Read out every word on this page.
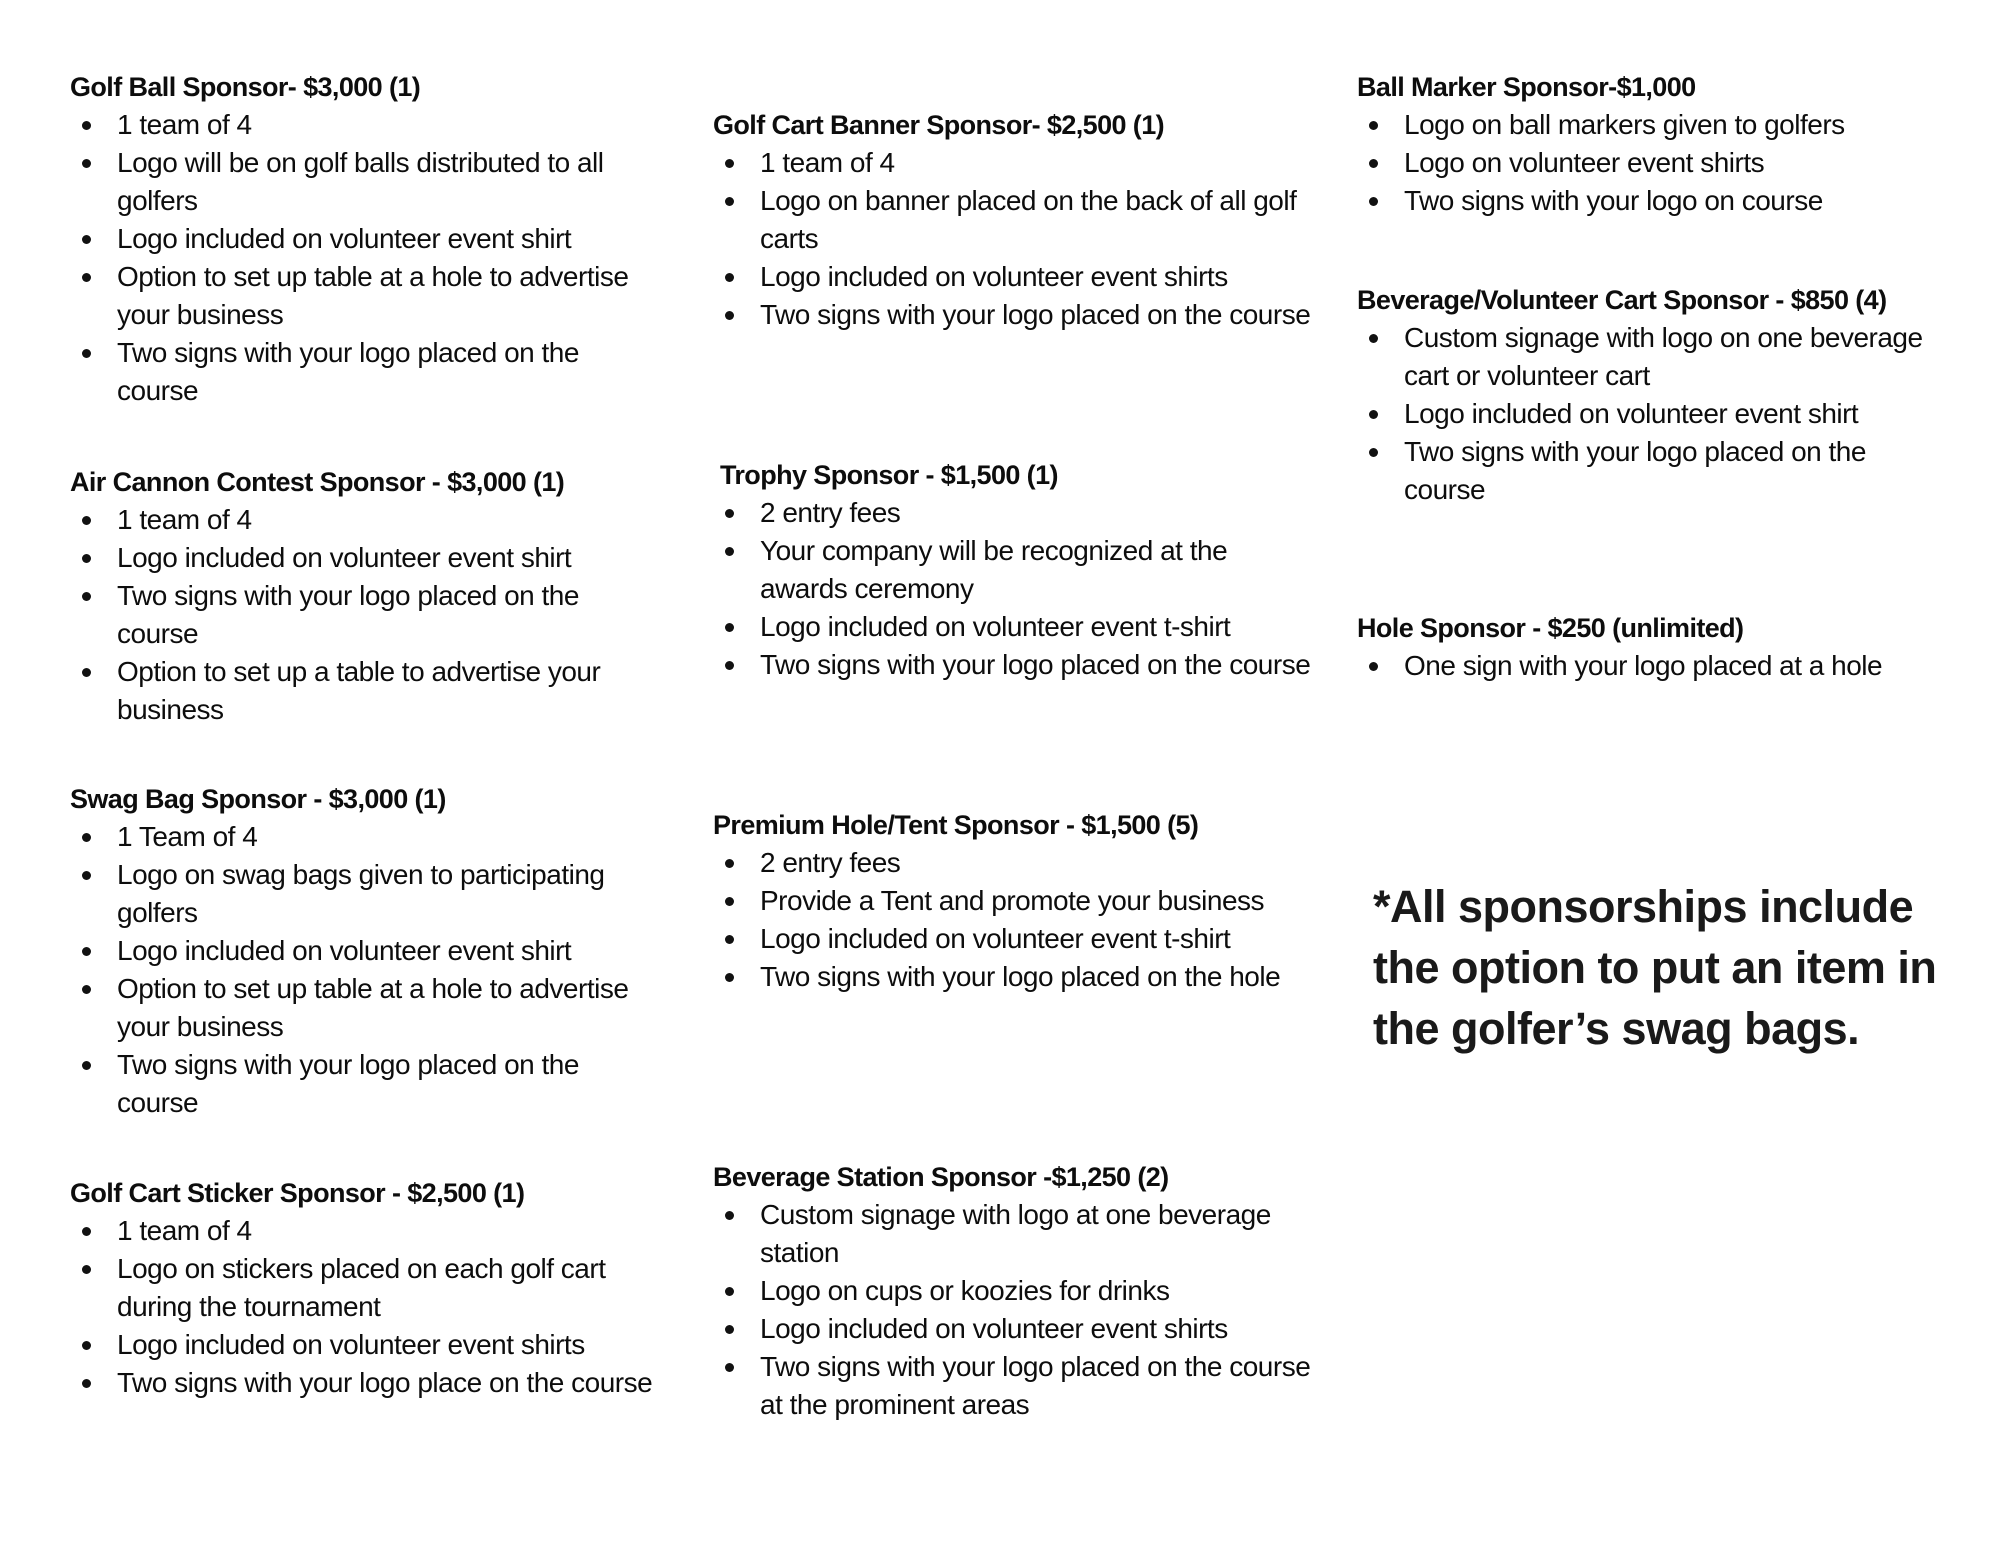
Golf Ball Sponsor- $3,000 (1)
1 team of 4
Logo will be on golf balls distributed to all golfers
Logo included on volunteer event shirt
Option to set up table at a hole to advertise your business
Two signs with your logo placed on the course
Air Cannon Contest Sponsor - $3,000 (1)
1 team of 4
Logo included on volunteer event shirt
Two signs with your logo placed on the course
Option to set up a table to advertise your business
Swag Bag Sponsor - $3,000 (1)
1 Team of 4
Logo on swag bags given to participating golfers
Logo included on volunteer event shirt
Option to set up table at a hole to advertise your business
Two signs with your logo placed on the course
Golf Cart Sticker Sponsor - $2,500 (1)
1 team of 4
Logo on stickers placed on each golf cart during the tournament
Logo included on volunteer event shirts
Two signs with your logo place on the course
Golf Cart Banner Sponsor- $2,500 (1)
1 team of 4
Logo on banner placed on the back of all golf carts
Logo included on volunteer event shirts
Two signs with your logo placed on the course
Trophy Sponsor - $1,500 (1)
2 entry fees
Your company will be recognized at the awards ceremony
Logo included on volunteer event t-shirt
Two signs with your logo placed on the course
Premium Hole/Tent Sponsor - $1,500 (5)
2 entry fees
Provide a Tent and promote your business
Logo included on volunteer event t-shirt
Two signs with your logo placed on the hole
Beverage Station Sponsor -$1,250 (2)
Custom signage with logo at one beverage station
Logo on cups or koozies for drinks
Logo included on volunteer event shirts
Two signs with your logo placed on the course at the prominent areas
Ball Marker Sponsor-$1,000
Logo on ball markers given to golfers
Logo on volunteer event shirts
Two signs with your logo on course
Beverage/Volunteer Cart Sponsor - $850 (4)
Custom signage with logo on one beverage cart or volunteer cart
Logo included on volunteer event shirt
Two signs with your logo placed on the course
Hole Sponsor - $250 (unlimited)
One sign with your logo placed at a hole

*All sponsorships include the option to put an item in the golfer’s swag bags.
